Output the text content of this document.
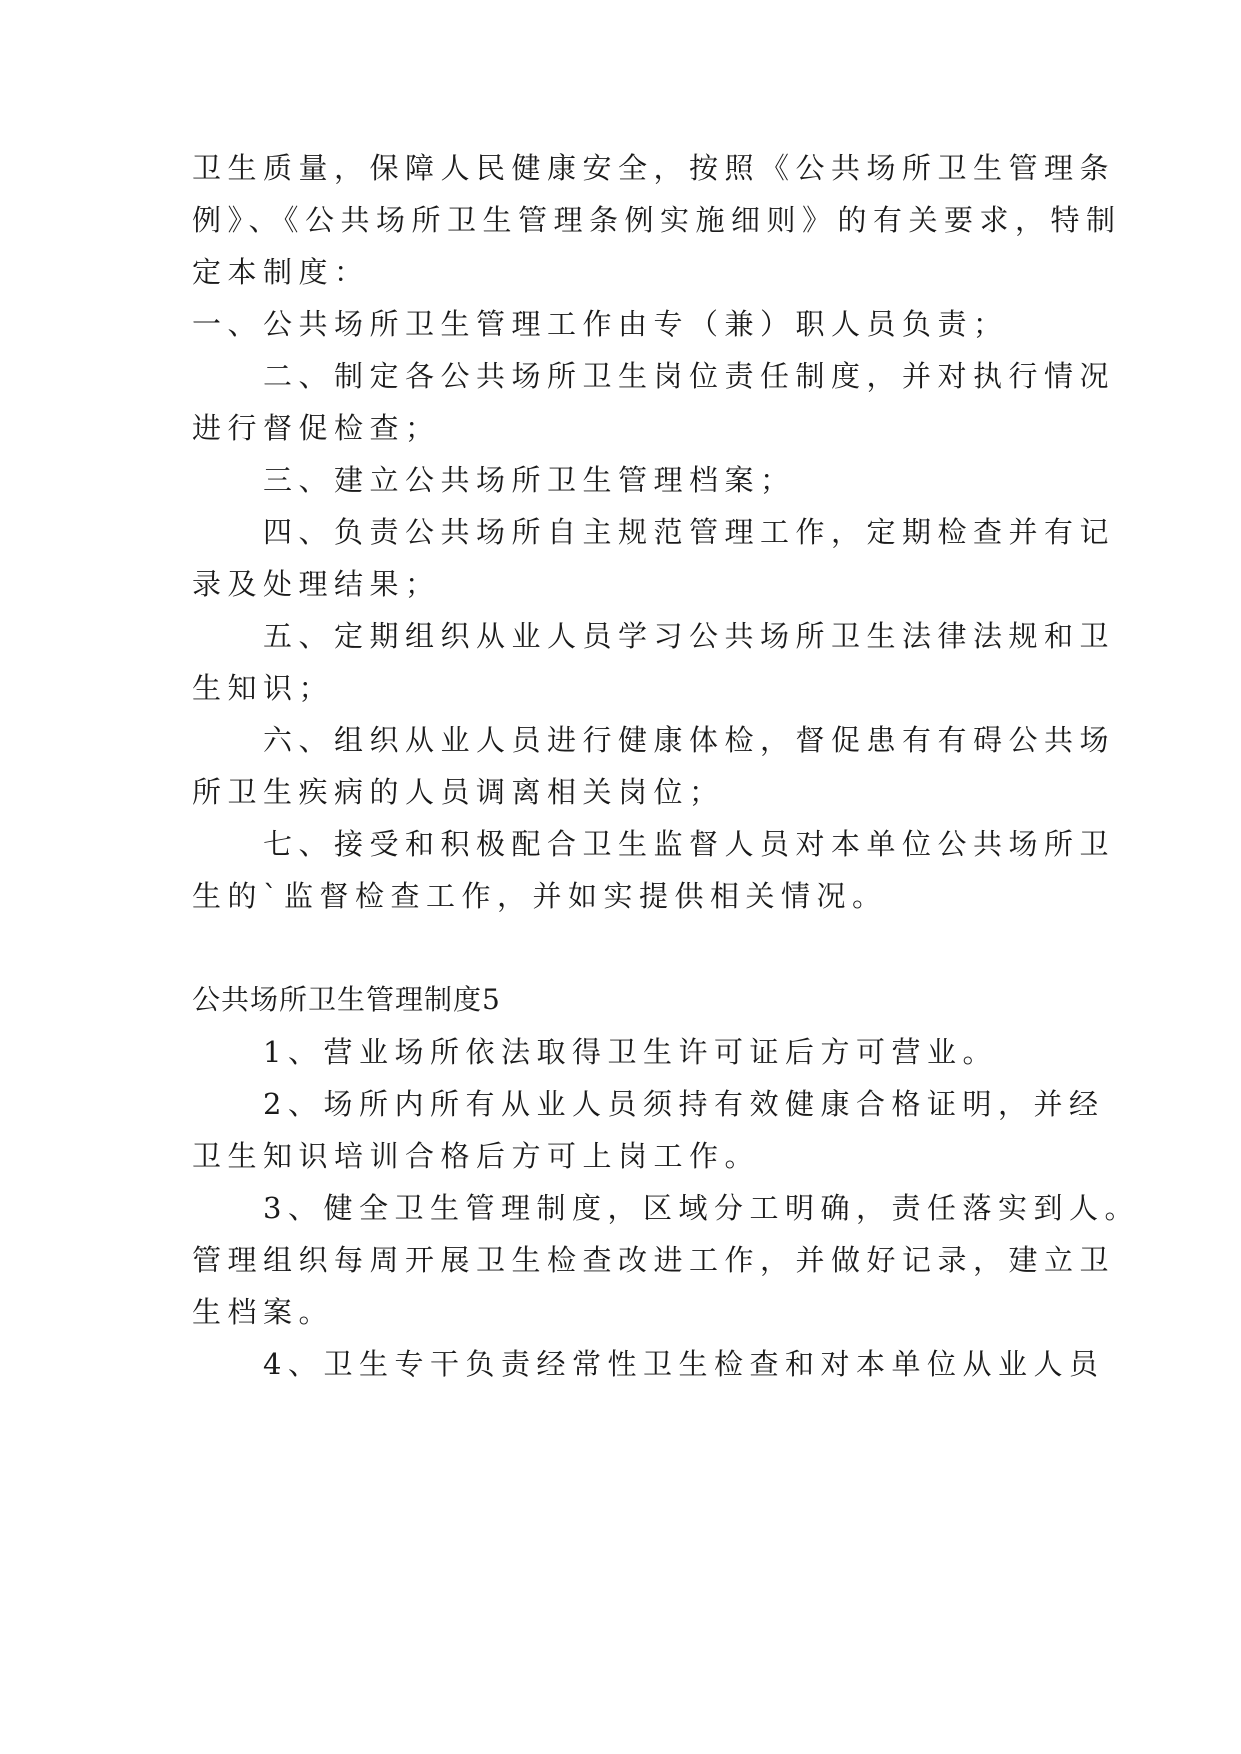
卫生质量，保障人民健康安全，按照《公共场所卫生管理条
例》、《公共场所卫生管理条例实施细则》的有关要求，特制
定本制度：
一、公共场所卫生管理工作由专（兼）职人员负责；
　　二、制定各公共场所卫生岗位责任制度，并对执行情况
进行督促检查；
　　三、建立公共场所卫生管理档案；
　　四、负责公共场所自主规范管理工作，定期检查并有记
录及处理结果；
　　五、定期组织从业人员学习公共场所卫生法律法规和卫
生知识；
　　六、组织从业人员进行健康体检，督促患有有碍公共场
所卫生疾病的人员调离相关岗位；
　　七、接受和积极配合卫生监督人员对本单位公共场所卫
生的`监督检查工作，并如实提供相关情况。
公共场所卫生管理制度5
　　1、营业场所依法取得卫生许可证后方可营业。
　　2、场所内所有从业人员须持有效健康合格证明，并经
卫生知识培训合格后方可上岗工作。
　　3、健全卫生管理制度，区域分工明确，责任落实到人。
管理组织每周开展卫生检查改进工作，并做好记录，建立卫
生档案。
　　4、卫生专干负责经常性卫生检查和对本单位从业人员
